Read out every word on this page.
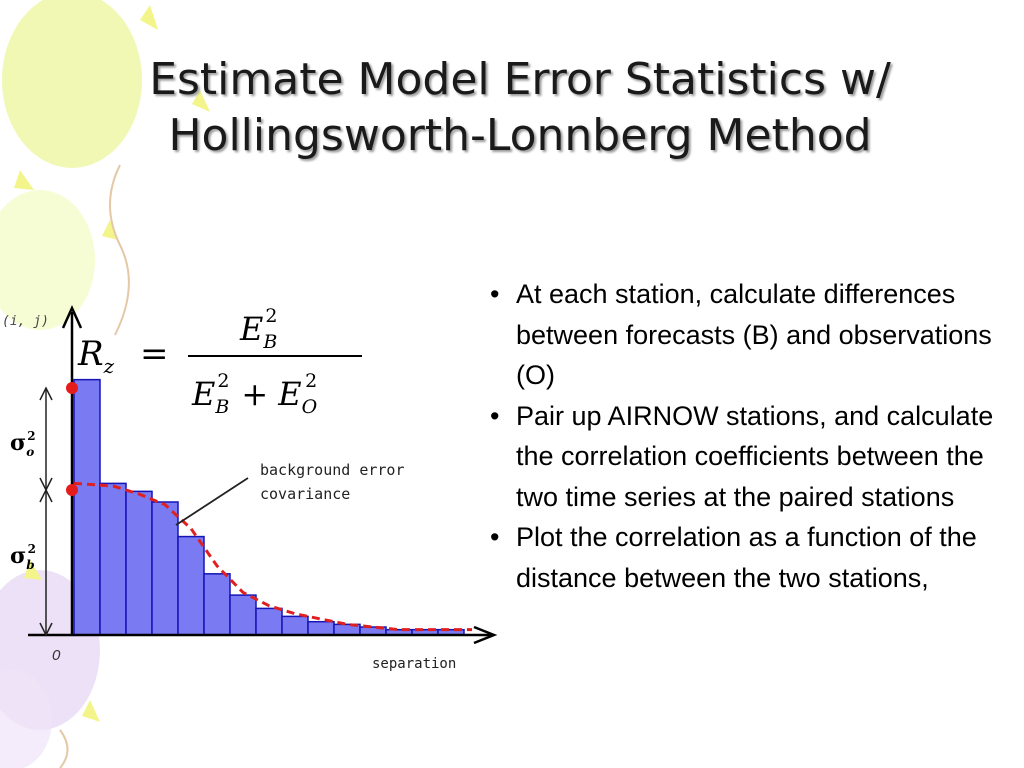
Estimate Model Error Statistics w/
Hollingsworth-Lonnberg Method
• At each station, calculate differences between forecasts (B) and observations (O)
• Pair up AIRNOW stations, and calculate the correlation coefficients between the two time series at the paired stations
• Plot the correlation as a function of the distance between the two stations,
(i, j)
0	separation
$\sigma_o2$
$\sigma_b2$
background error
covariance
$R_z$ =
$E_B2$
$E_B2 + E_O2$
